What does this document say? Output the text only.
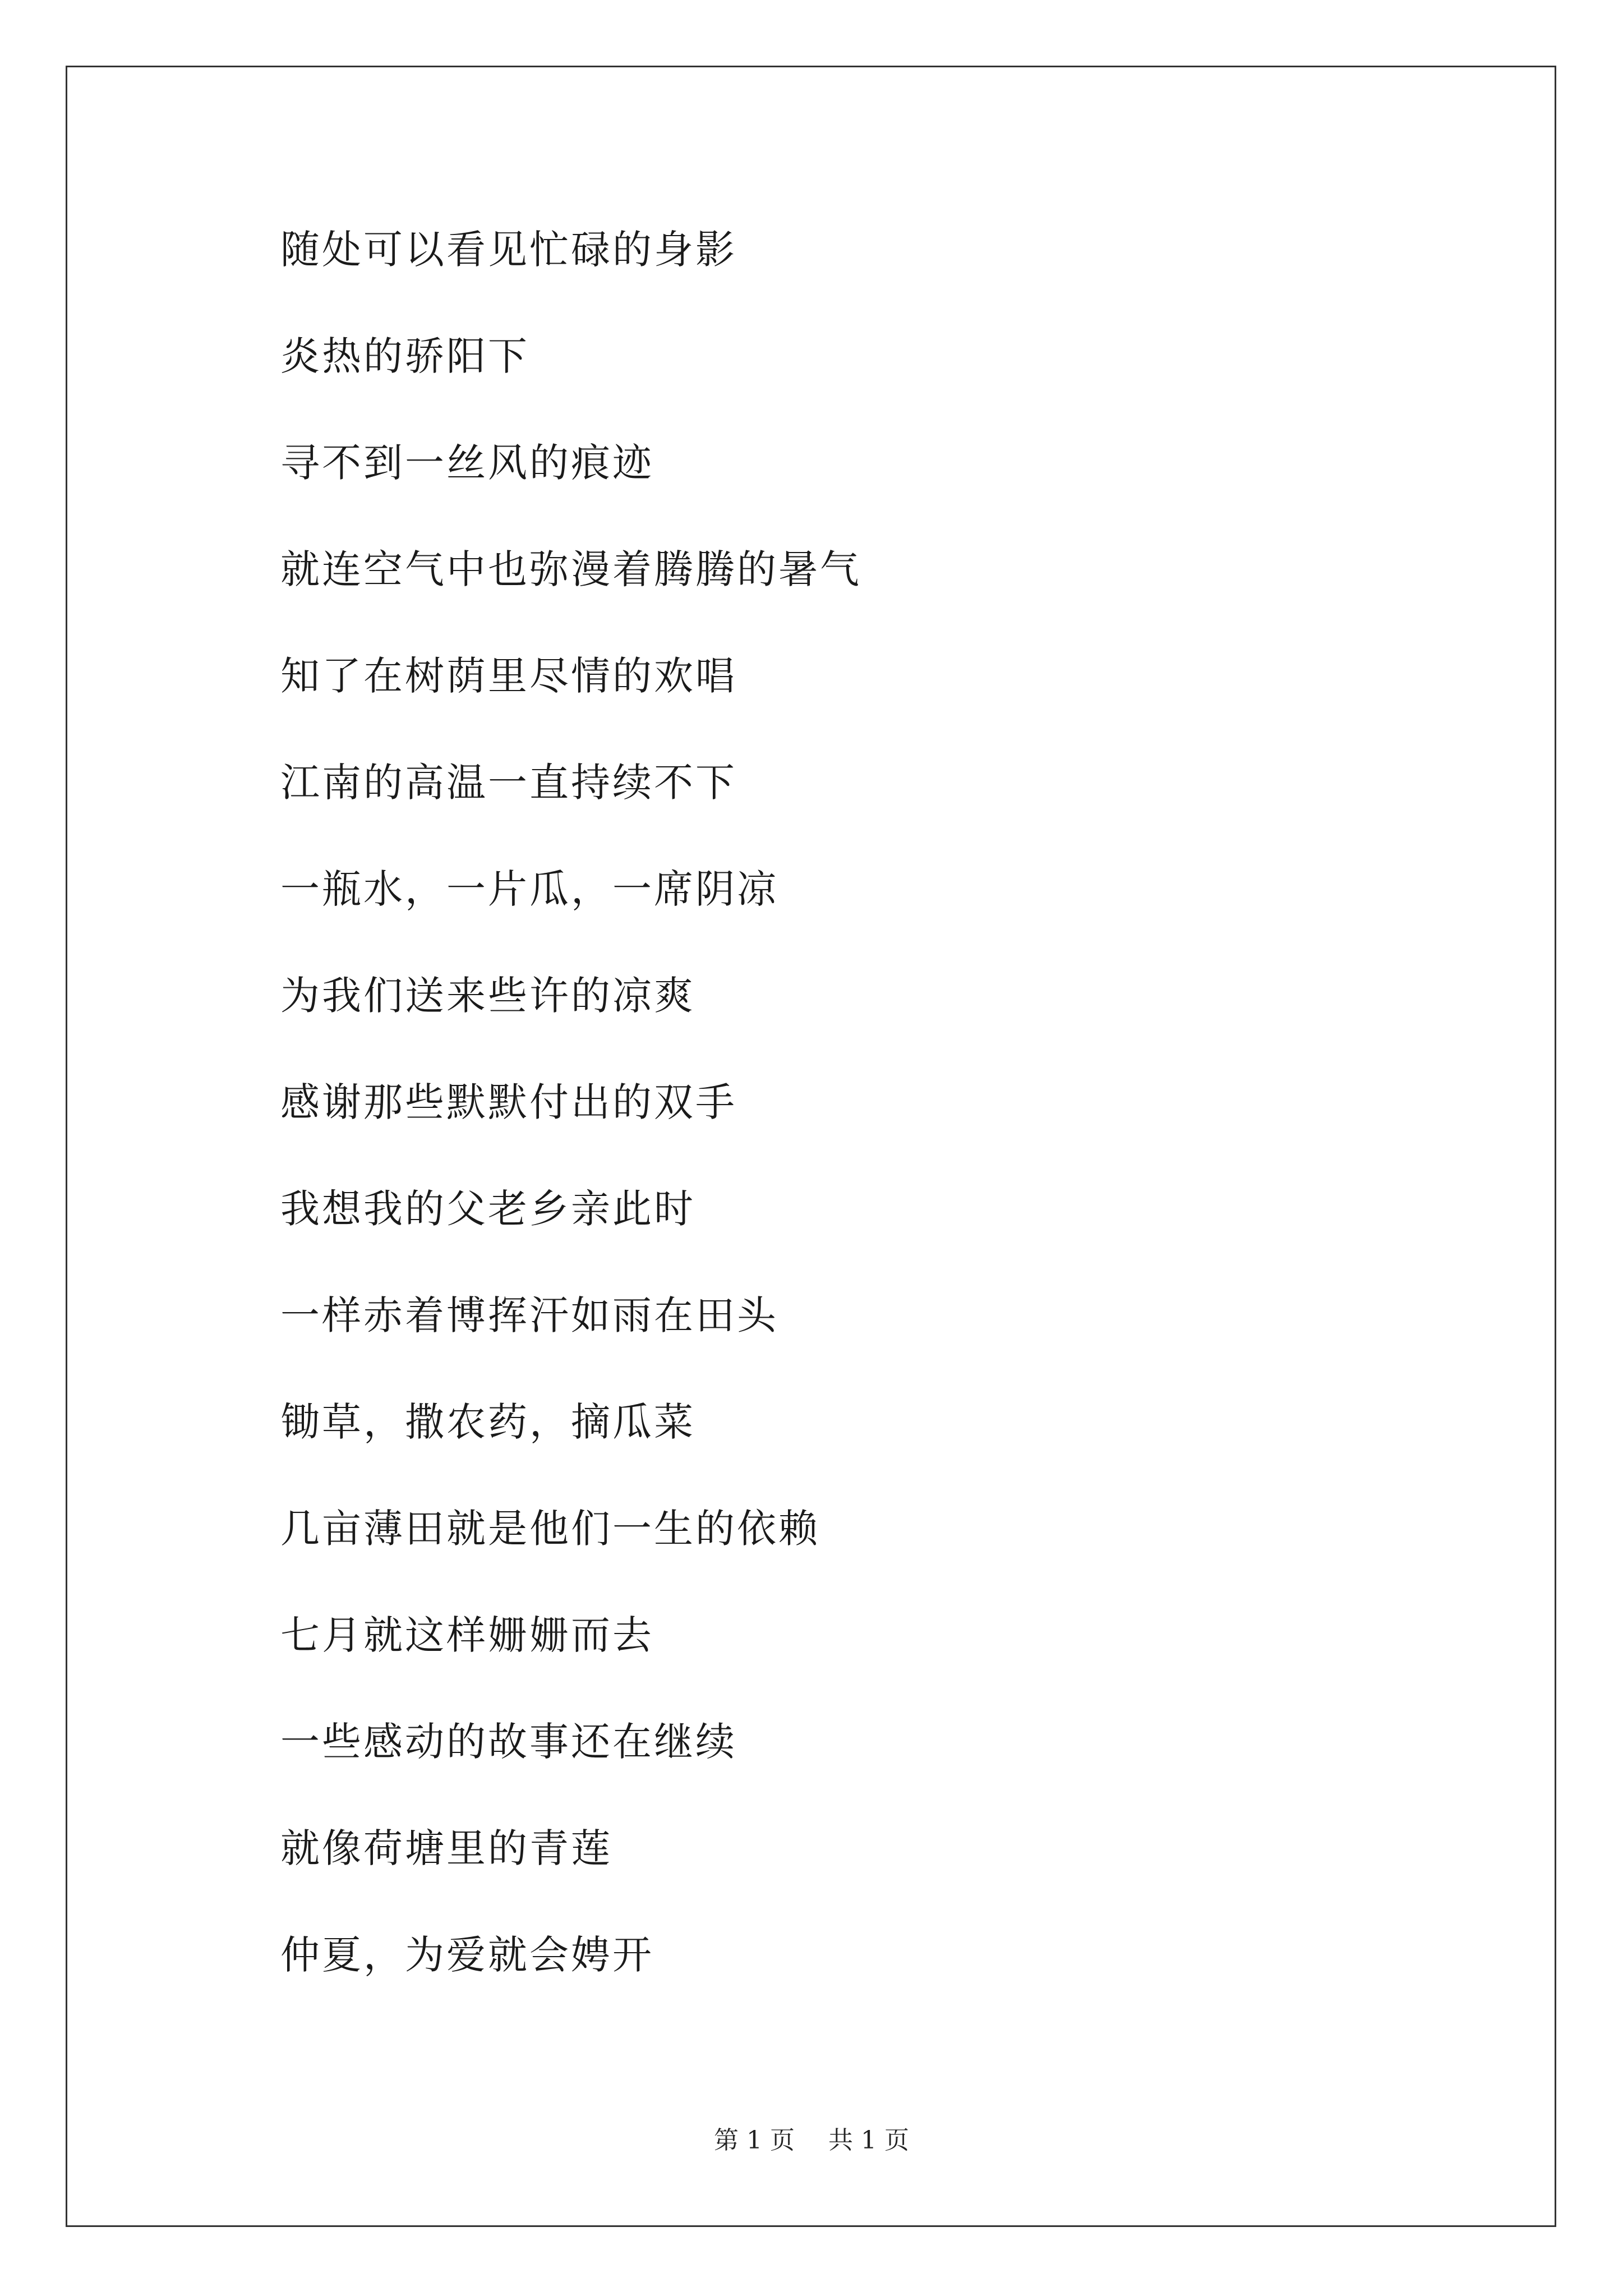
随处可以看见忙碌的身影
炎热的骄阳下
寻不到一丝风的痕迹
就连空气中也弥漫着腾腾的暑气
知了在树荫里尽情的欢唱
江南的高温一直持续不下
一瓶水，一片瓜，一席阴凉
为我们送来些许的凉爽
感谢那些默默付出的双手
我想我的父老乡亲此时
一样赤着博挥汗如雨在田头
锄草，撒农药，摘瓜菜
几亩薄田就是他们一生的依赖
七月就这样姗姗而去
一些感动的故事还在继续
就像荷塘里的青莲
仲夏，为爱就会娉开
第 1 页 共 1 页
